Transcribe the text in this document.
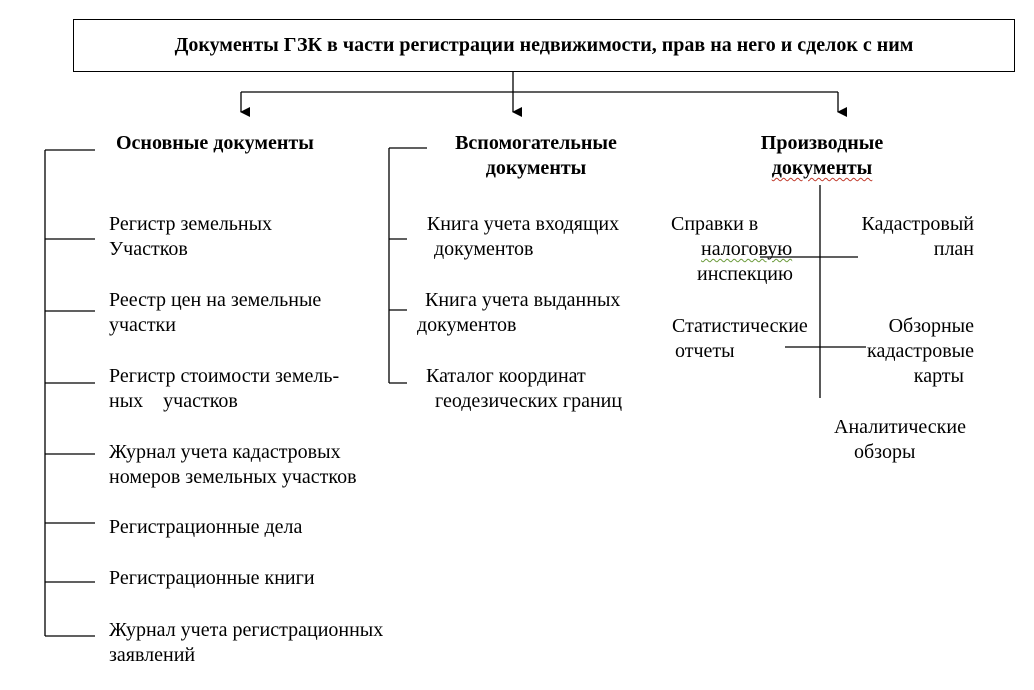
Документы ГЗК в части регистрации недвижимости, прав на него и сделок с ним
Основные документы	Вспомогательные
документы
Производные
документы
Регистр земельных
Участков
Реестр цен на земельные
участки
Регистр стоимости земель-
ных    участков
Журнал учета кадастровых
номеров земельных участков
Регистрационные дела
Регистрационные книги
Журнал учета регистрационных
заявлений
Книга учета входящих
документов
Книга учета выданных
документов
Каталог координат
геодезических границ
Справки в
налоговую
инспекцию
Кадастровый
план
Статистические
отчеты
Обзорные
кадастровые
карты
Аналитические
обзоры
